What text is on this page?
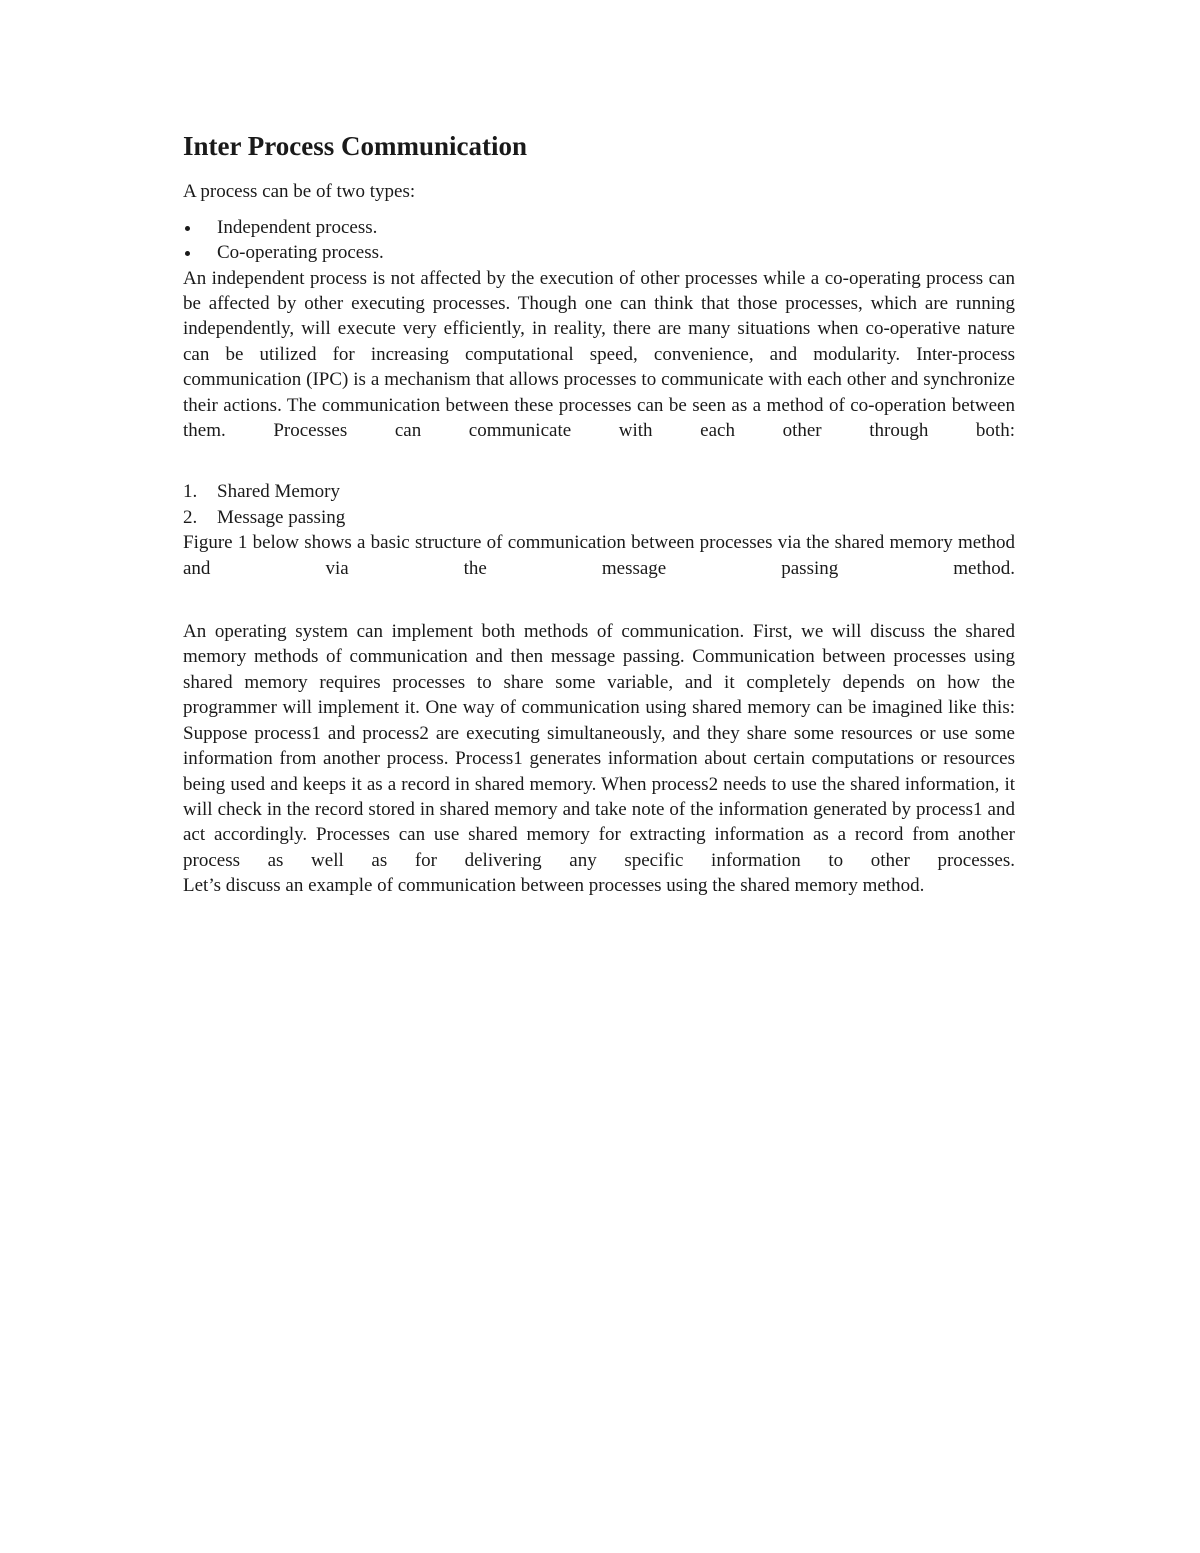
Inter Process Communication

A process can be of two types:

Independent process.
Co-operating process.

An independent process is not affected by the execution of other processes while a co-operating process can be affected by other executing processes. Though one can think that those processes, which are running independently, will execute very efficiently, in reality, there are many situations when co-operative nature can be utilized for increasing computational speed, convenience, and modularity. Inter-process communication (IPC) is a mechanism that allows processes to communicate with each other and synchronize their actions. The communication between these processes can be seen as a method of co-operation between them. Processes can communicate with each other through both:

1. Shared Memory
2. Message passing

Figure 1 below shows a basic structure of communication between processes via the shared memory method and via the message passing method.

An operating system can implement both methods of communication. First, we will discuss the shared memory methods of communication and then message passing. Communication between processes using shared memory requires processes to share some variable, and it completely depends on how the programmer will implement it. One way of communication using shared memory can be imagined like this: Suppose process1 and process2 are executing simultaneously, and they share some resources or use some information from another process. Process1 generates information about certain computations or resources being used and keeps it as a record in shared memory. When process2 needs to use the shared information, it will check in the record stored in shared memory and take note of the information generated by process1 and act accordingly. Processes can use shared memory for extracting information as a record from another process as well as for delivering any specific information to other processes.

Let’s discuss an example of communication between processes using the shared memory method.
